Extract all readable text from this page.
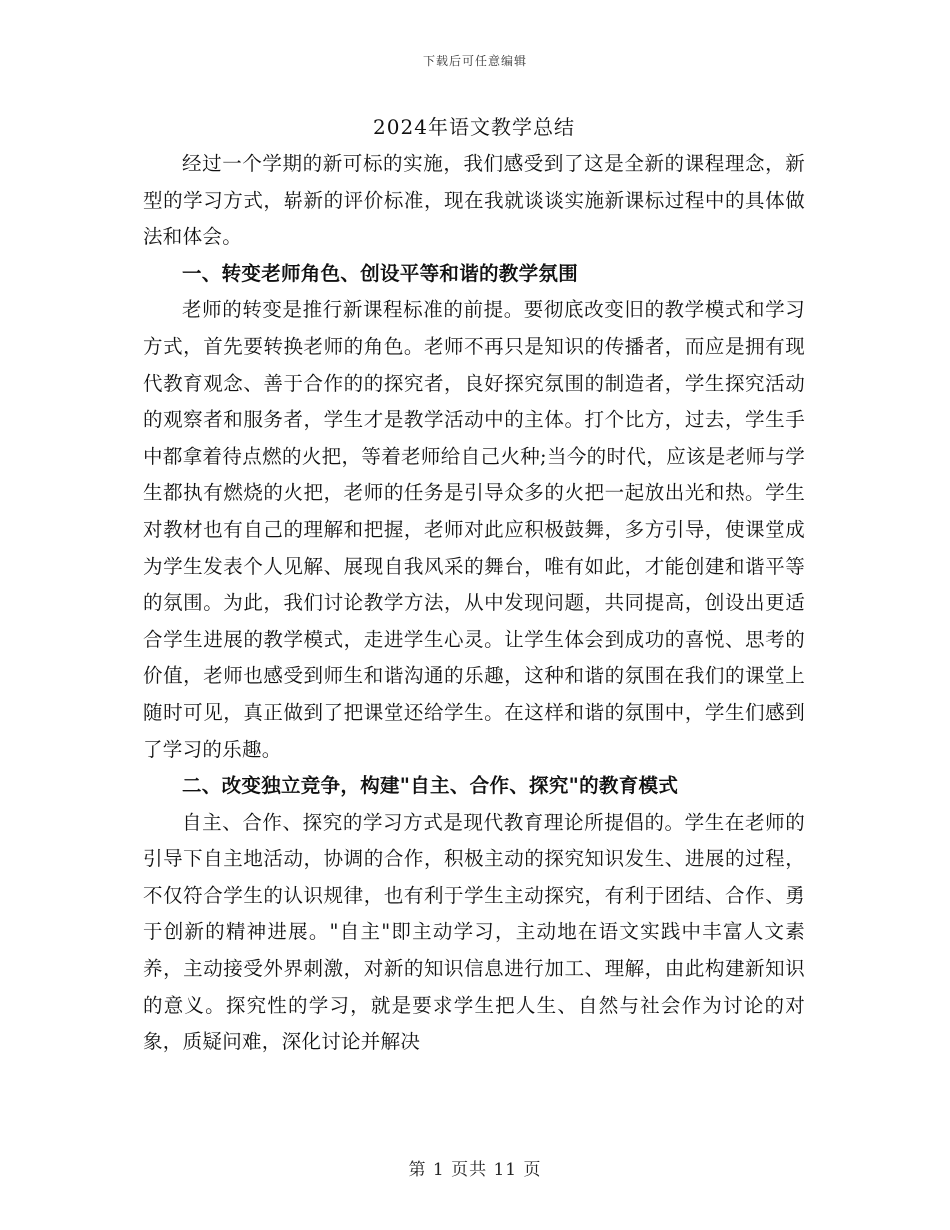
下载后可任意编辑
2024年语文教学总结

经过一个学期的新可标的实施，我们感受到了这是全新的课程理念，新型的学习方式，崭新的评价标准，现在我就谈谈实施新课标过程中的具体做法和体会。

一、转变老师角色、创设平等和谐的教学氛围

老师的转变是推行新课程标准的前提。要彻底改变旧的教学模式和学习方式，首先要转换老师的角色。老师不再只是知识的传播者，而应是拥有现代教育观念、善于合作的的探究者，良好探究氛围的制造者，学生探究活动的观察者和服务者，学生才是教学活动中的主体。打个比方，过去，学生手中都拿着待点燃的火把，等着老师给自己火种;当今的时代，应该是老师与学生都执有燃烧的火把，老师的任务是引导众多的火把一起放出光和热。学生对教材也有自己的理解和把握，老师对此应积极鼓舞，多方引导，使课堂成为学生发表个人见解、展现自我风采的舞台，唯有如此，才能创建和谐平等的氛围。为此，我们讨论教学方法，从中发现问题，共同提高，创设出更适合学生进展的教学模式，走进学生心灵。让学生体会到成功的喜悦、思考的价值，老师也感受到师生和谐沟通的乐趣，这种和谐的氛围在我们的课堂上随时可见，真正做到了把课堂还给学生。在这样和谐的氛围中，学生们感到了学习的乐趣。

二、改变独立竞争，构建"自主、合作、探究"的教育模式

自主、合作、探究的学习方式是现代教育理论所提倡的。学生在老师的引导下自主地活动，协调的合作，积极主动的探究知识发生、进展的过程，不仅符合学生的认识规律，也有利于学生主动探究，有利于团结、合作、勇于创新的精神进展。"自主"即主动学习，主动地在语文实践中丰富人文素养，主动接受外界刺激，对新的知识信息进行加工、理解，由此构建新知识的意义。探究性的学习，就是要求学生把人生、自然与社会作为讨论的对象，质疑问难，深化讨论并解决

第 1 页共 11 页
